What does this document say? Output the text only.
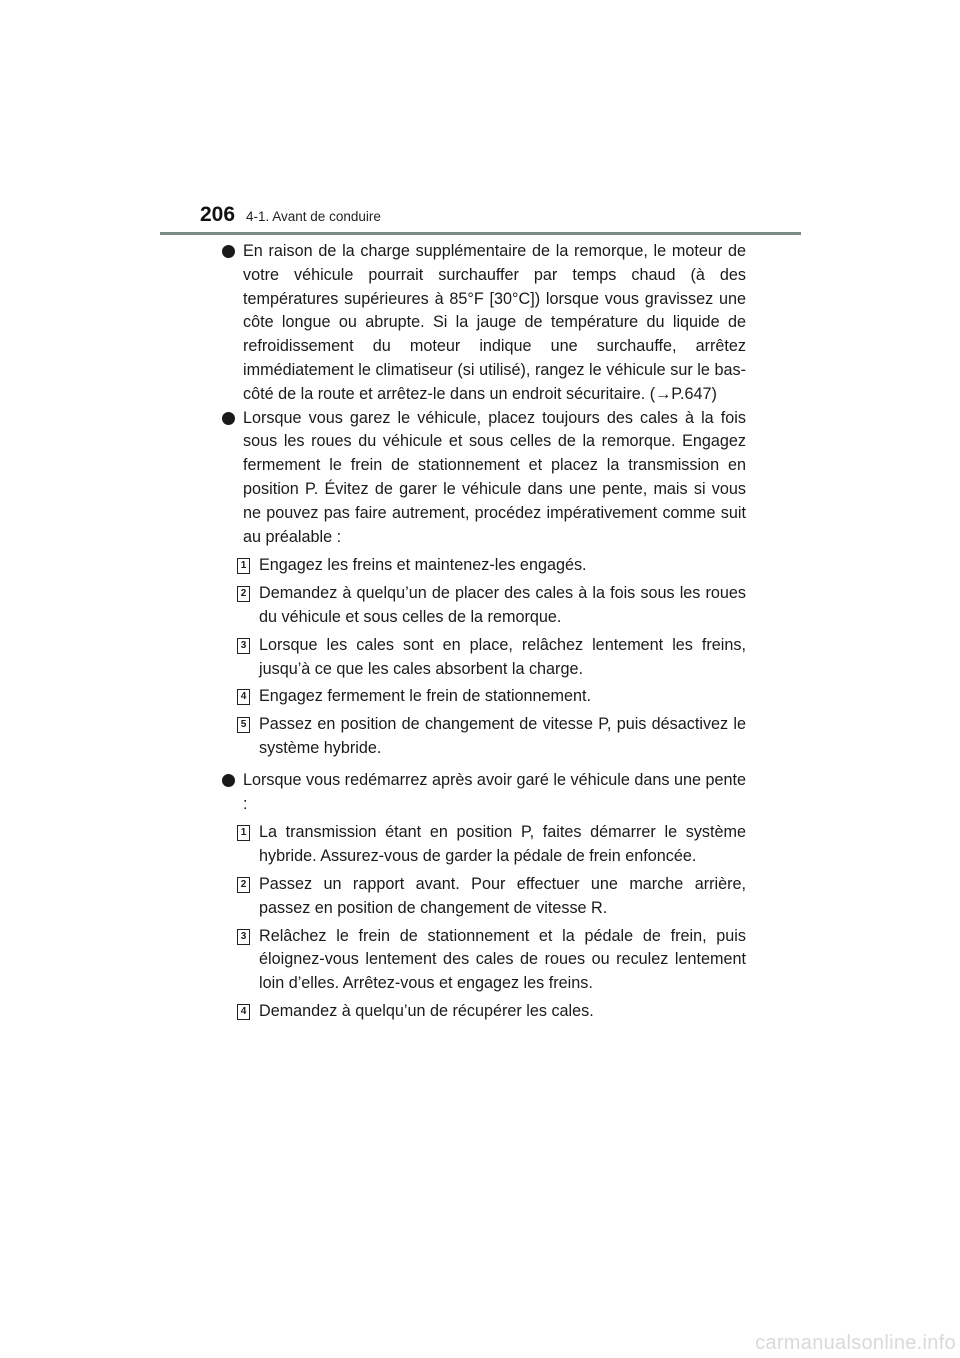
206 4-1. Avant de conduire
En raison de la charge supplémentaire de la remorque, le moteur de votre véhicule pourrait surchauffer par temps chaud (à des températures supérieures à 85°F [30°C]) lorsque vous gravissez une côte longue ou abrupte. Si la jauge de température du liquide de refroidissement du moteur indique une surchauffe, arrêtez immédiatement le climatiseur (si utilisé), rangez le véhicule sur le bas-côté de la route et arrêtez-le dans un endroit sécuritaire. (→P.647)
Lorsque vous garez le véhicule, placez toujours des cales à la fois sous les roues du véhicule et sous celles de la remorque. Engagez fermement le frein de stationnement et placez la transmission en position P. Évitez de garer le véhicule dans une pente, mais si vous ne pouvez pas faire autrement, procédez impérativement comme suit au préalable :
1 Engagez les freins et maintenez-les engagés.
2 Demandez à quelqu’un de placer des cales à la fois sous les roues du véhicule et sous celles de la remorque.
3 Lorsque les cales sont en place, relâchez lentement les freins, jusqu’à ce que les cales absorbent la charge.
4 Engagez fermement le frein de stationnement.
5 Passez en position de changement de vitesse P, puis désactivez le système hybride.
Lorsque vous redémarrez après avoir garé le véhicule dans une pente :
1 La transmission étant en position P, faites démarrer le système hybride. Assurez-vous de garder la pédale de frein enfoncée.
2 Passez un rapport avant. Pour effectuer une marche arrière, passez en position de changement de vitesse R.
3 Relâchez le frein de stationnement et la pédale de frein, puis éloignez-vous lentement des cales de roues ou reculez lentement loin d’elles. Arrêtez-vous et engagez les freins.
4 Demandez à quelqu’un de récupérer les cales.
carmanualsonline.info
